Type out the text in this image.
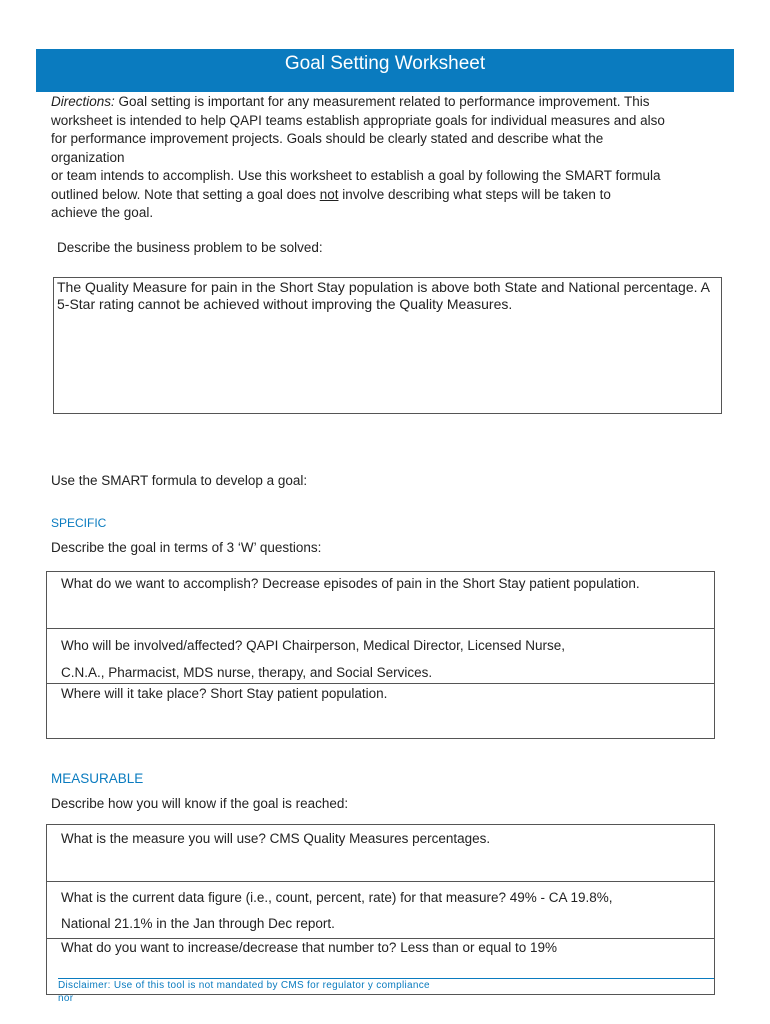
Goal Setting Worksheet
Directions: Goal setting is important for any measurement related to performance improvement. This
worksheet is intended to help QAPI teams establish appropriate goals for individual measures and also
for performance improvement projects. Goals should be clearly stated and describe what the
organization
or team intends to accomplish. Use this worksheet to establish a goal by following the SMART formula
outlined below. Note that setting a goal does not involve describing what steps will be taken to
achieve the goal.
Describe the business problem to be solved:
The Quality Measure for pain in the Short Stay population is above both State and National percentage. A 5-Star rating cannot be achieved without improving the Quality Measures.
Use the SMART formula to develop a goal:
SPECIFIC
Describe the goal in terms of 3 ‘W’ questions:

What do we want to accomplish? Decrease episodes of pain in the Short Stay patient population.

Who will be involved/affected? QAPI Chairperson, Medical Director, Licensed Nurse,

C.N.A., Pharmacist, MDS nurse, therapy, and Social Services.

Where will it take place? Short Stay patient population.

MEASURABLE
Describe how you will know if the goal is reached:

What is the measure you will use? CMS Quality Measures percentages.

What is the current data figure (i.e., count, percent, rate) for that measure? 49% - CA 19.8%,

National 21.1% in the Jan through Dec report.

What do you want to increase/decrease that number to? Less than or equal to 19%

Disclaimer: Use of this tool is not mandated by CMS for regulator y compliance
nor
